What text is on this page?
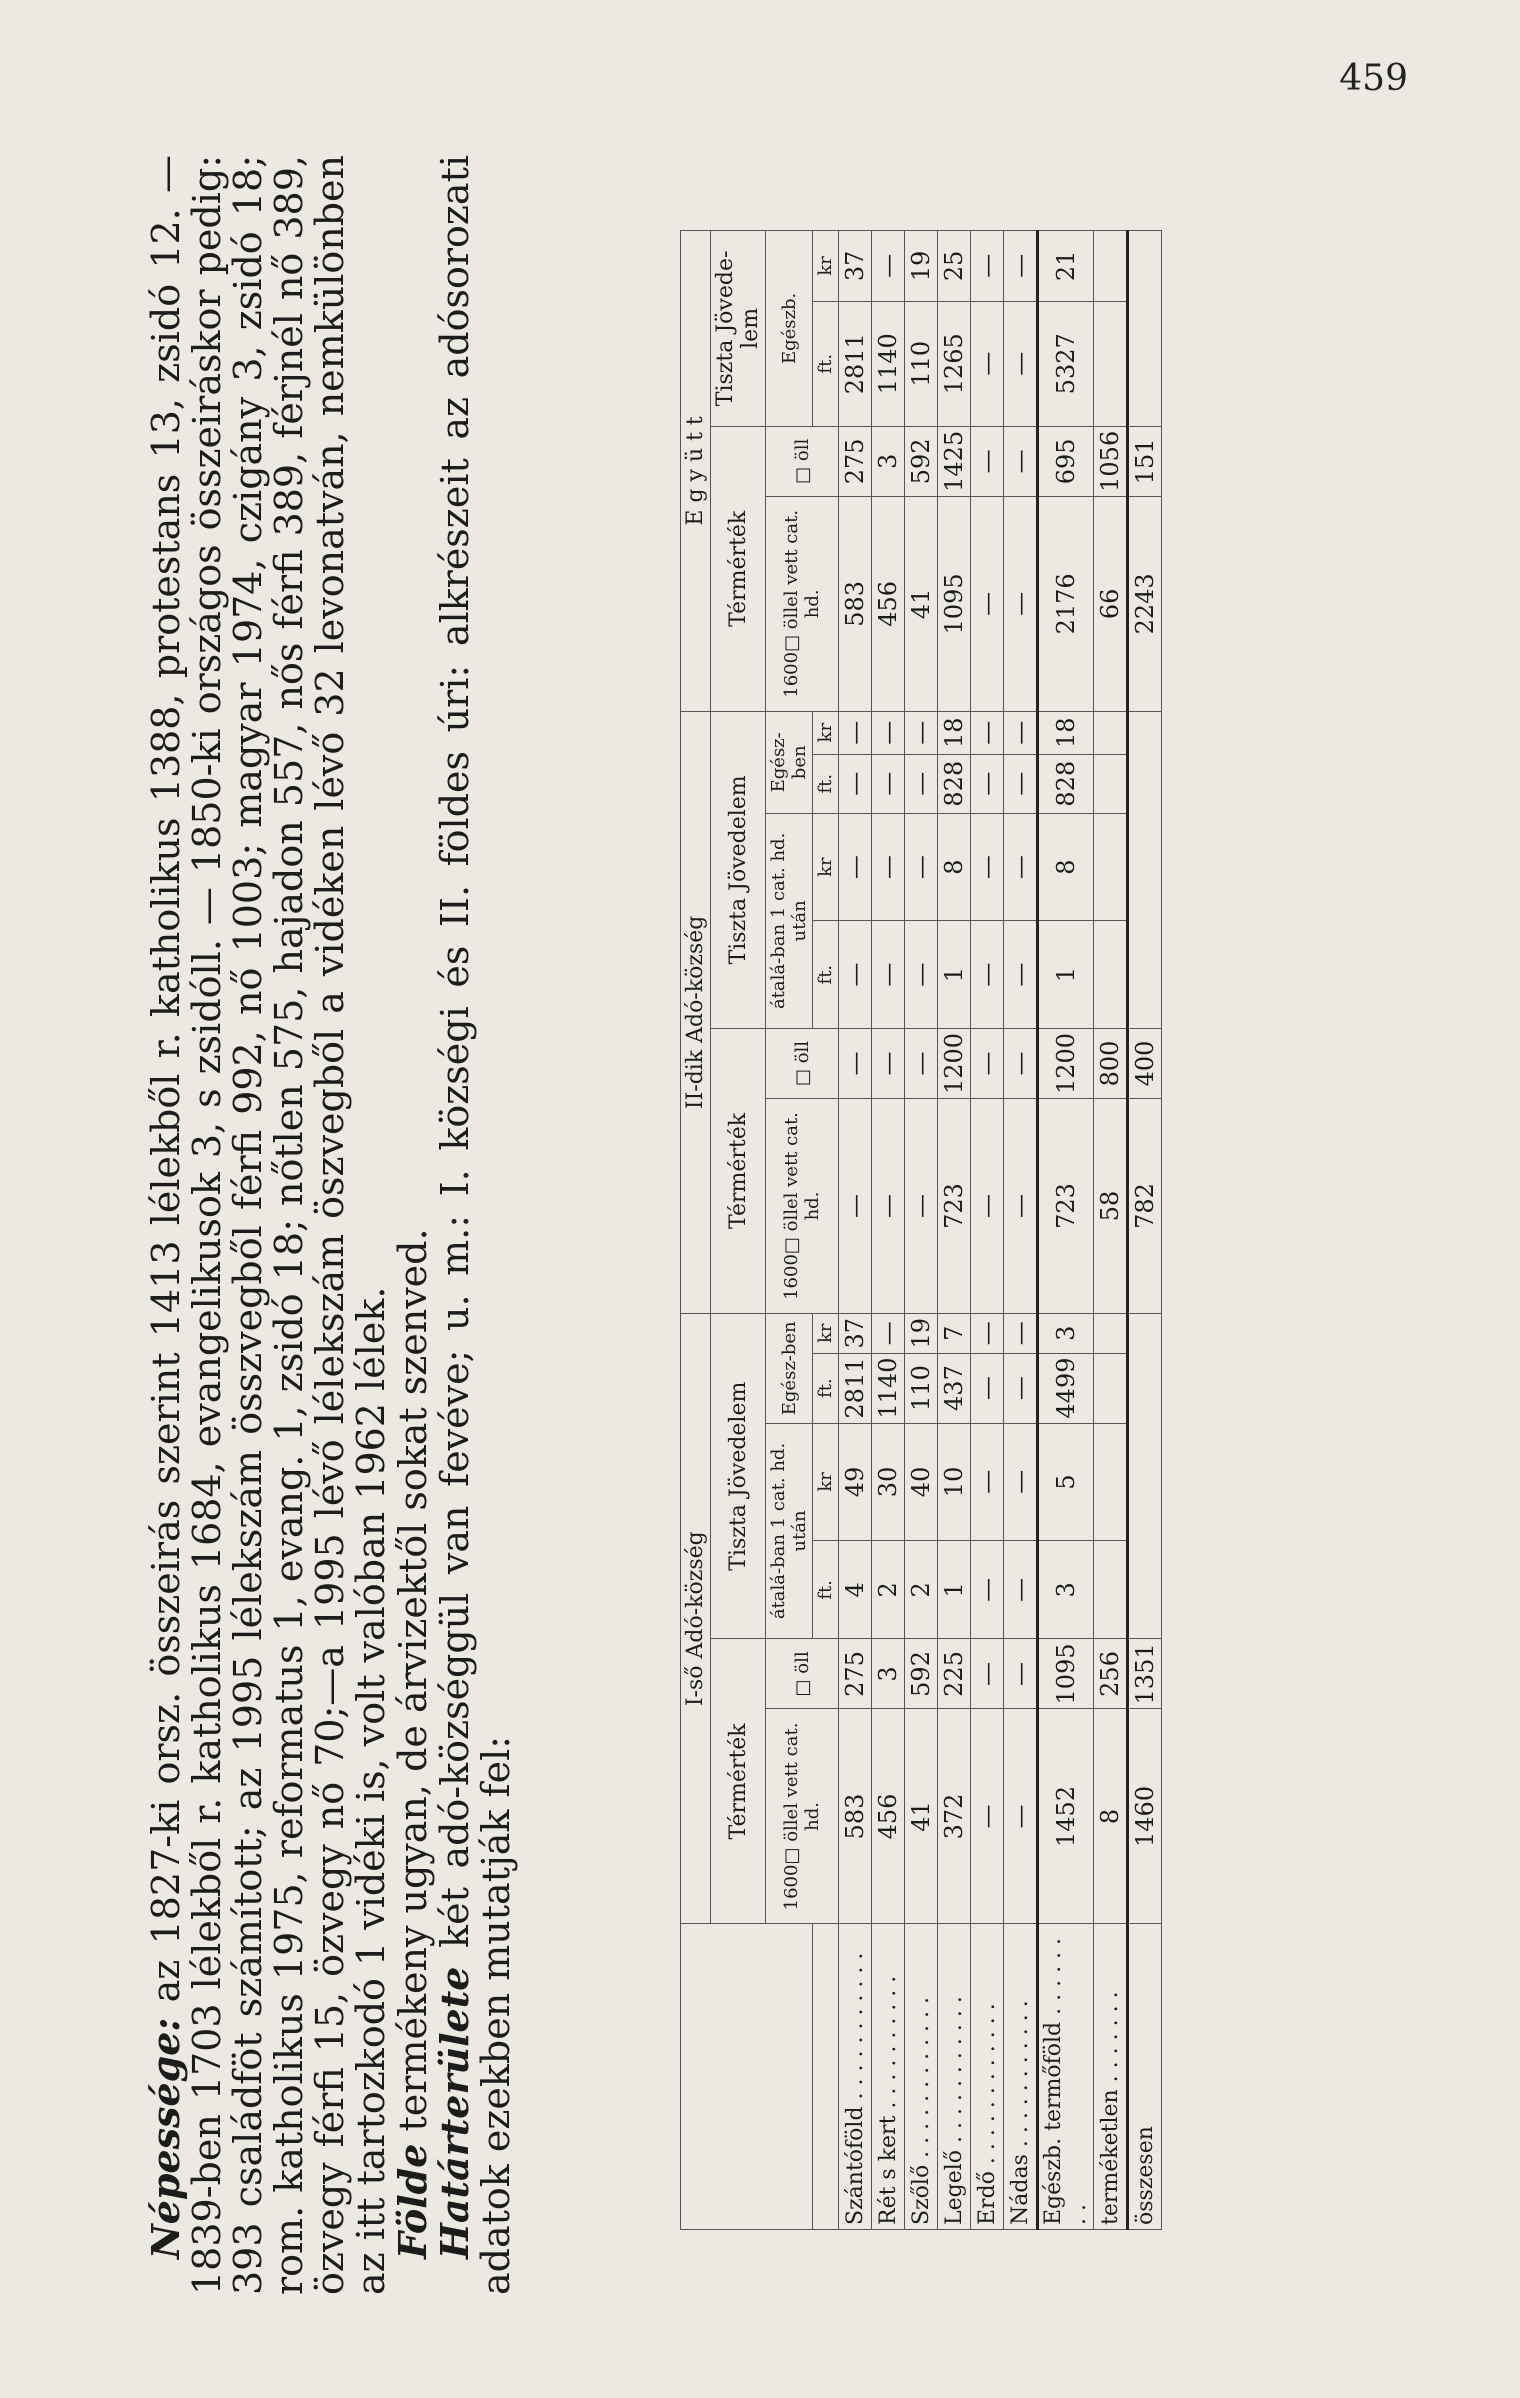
459

Népessége: az 1827-ki orsz. összeirás szerint 1413 lélekből r. katholikus 1388, protestans 13, zsidó 12. — 1839-ben 1703 lélekből r. katholikus 1684, evangelikusok 3, s zsidóll. — 1850-ki országos összeiráskor pedig: 393 családföt számított; az 1995 lélekszám összvegből férfi 992, nő 1003; magyar 1974, czigány 3, zsidó 18; rom. katholikus 1975, reformatus 1, evang. 1, zsidó 18; nőtlen 575, hajadon 557, nős férfi 389, férjnél nő 389, özvegy férfi 15, özvegy nő 70;—a 1995 lévő lélekszám öszvegből a vidéken lévő 32 levonatván, nemkülönben az itt tartozkodó 1 vidéki is, volt valóban 1962 lélek.

Földe termékeny ugyan, de árvizektől sokat szenved.

Határterülete két adó-községgül van fevéve; u. m.: I. községi és II. földes úri: alkrészeit az adósorozati adatok ezekben mutatják fel:

	I-ső Adó-község						II-dik Adó-község						E g y ü t t			
	Térmérték		Tiszta Jövedelem				Térmérték		Tiszta Jövedelem				Térmérték		Tiszta Jövede-lem	
	1600□ öllel vett cat. hd.	□ öll	átalá-ban 1 cat. hd. után		Egész-ben		1600□ öllel vett cat. hd.	□ öll	átalá-ban 1 cat. hd. után		Egész-ben		1600□ öllel vett cat. hd.	□ öll	Egészb.	
			ft.	kr	ft.	kr			ft.	kr	ft.	kr			ft.	kr
Szántóföld . . . . . . . . . . .	583	275	4	49	2811	37	—	—	—	—	—	—	583	275	2811	37
Rét s kert . . . . . . . . . .	456	3	2	30	1140	—	—	—	—	—	—	—	456	3	1140	—
Szőlő . . . . . . . . . . . .	41	592	2	40	110	19	—	—	—	—	—	—	41	592	110	19
Legelő . . . . . . . . . . .	372	225	1	10	437	7	723	1200	1	8	828	18	1095	1425	1265	25
Erdő . . . . . . . . . . . .	—	—	—	—	—	—	—	—	—	—	—	—	—	—	—	—
Nádas . . . . . . . . . . .	—	—	—	—	—	—	—	—	—	—	—	—	—	—	—	—
Egészb. termőföld . . . . . . . .	1452	1095	3	5	4499	3	723	1200	1	8	828	18	2176	695	5327	21
terméketlen . . . . . . .	8	256					58	800					66	1056		
összesen	1460	1351					782	400					2243	151		
